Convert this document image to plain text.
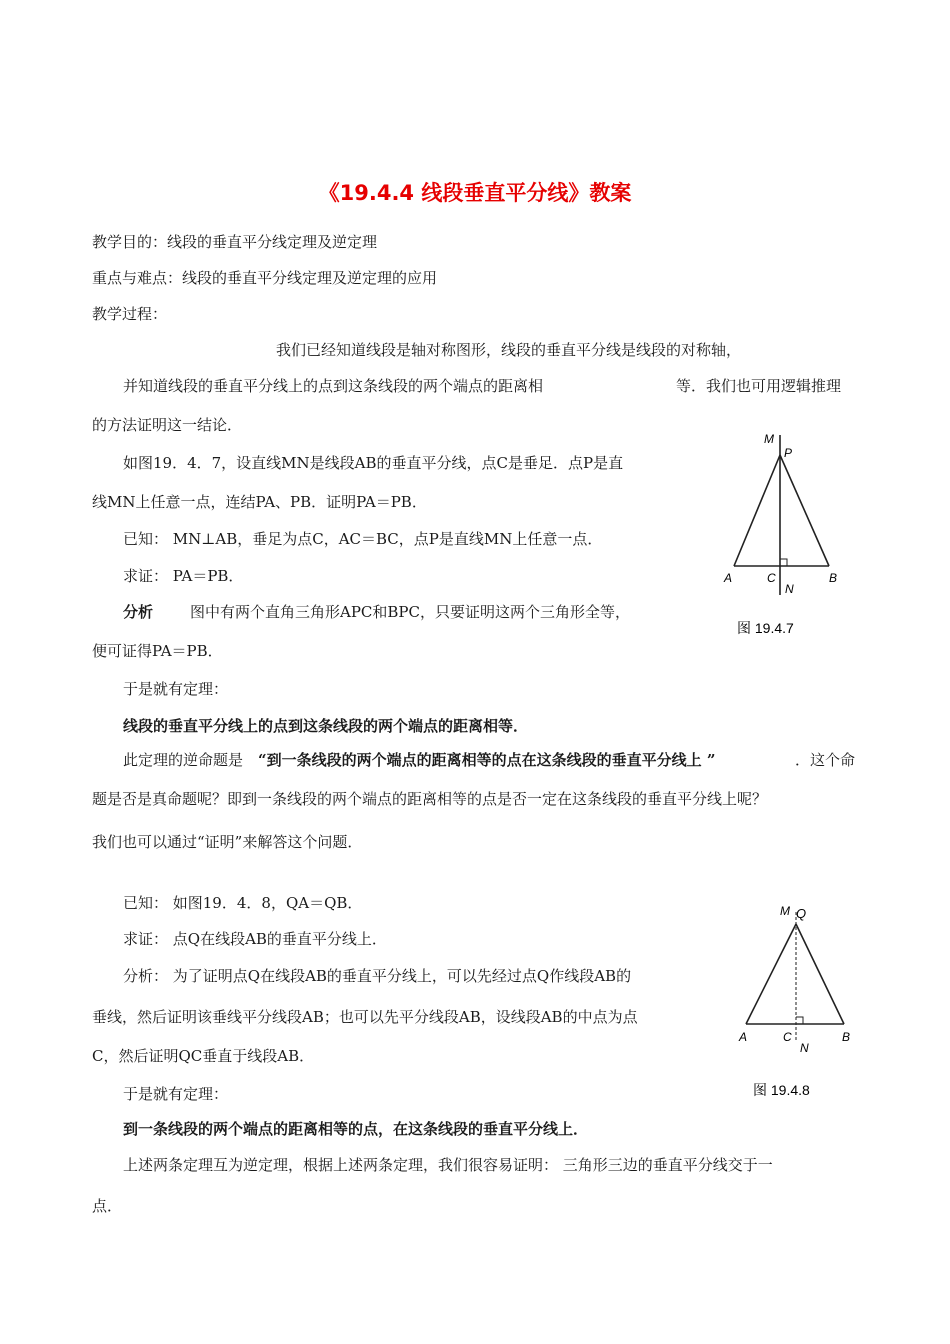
《19.4.4 线段垂直平分线》教案
教学目的：线段的垂直平分线定理及逆定理
重点与难点：线段的垂直平分线定理及逆定理的应用
教学过程：
我们已经知道线段是轴对称图形，线段的垂直平分线是线段的对称轴，
并知道线段的垂直平分线上的点到这条线段的两个端点的距离相	等．我们也可用逻辑推理
的方法证明这一结论．
如图19．4．7，设直线MN是线段AB的垂直平分线，点C是垂足．点P是直
线MN上任意一点，连结PA、PB．证明PA＝PB．
已知： MN⊥AB，垂足为点C，AC＝BC，点P是直线MN上任意一点．
求证： PA＝PB．
分析 图中有两个直角三角形APC和BPC，只要证明这两个三角形全等，
便可证得PA＝PB．
于是就有定理：
线段的垂直平分线上的点到这条线段的两个端点的距离相等．
此定理的逆命题是 “到一条线段的两个端点的距离相等的点在这条线段的垂直平分线上 ”	．这个命
题是否是真命题呢？即到一条线段的两个端点的距离相等的点是否一定在这条线段的垂直平分线上呢？
我们也可以通过“证明”来解答这个问题．
已知： 如图19．4．8，QA＝QB．
求证： 点Q在线段AB的垂直平分线上．
分析： 为了证明点Q在线段AB的垂直平分线上，可以先经过点Q作线段AB的
垂线，然后证明该垂线平分线段AB；也可以先平分线段AB，设线段AB的中点为点
C，然后证明QC垂直于线段AB．
于是就有定理：
到一条线段的两个端点的距离相等的点，在这条线段的垂直平分线上．
上述两条定理互为逆定理，根据上述两条定理，我们很容易证明： 三角形三边的垂直平分线交于一
点．
M
P
A	C	B
N
图 19.4.7
M Q
A	C	B
N
图 19.4.8
